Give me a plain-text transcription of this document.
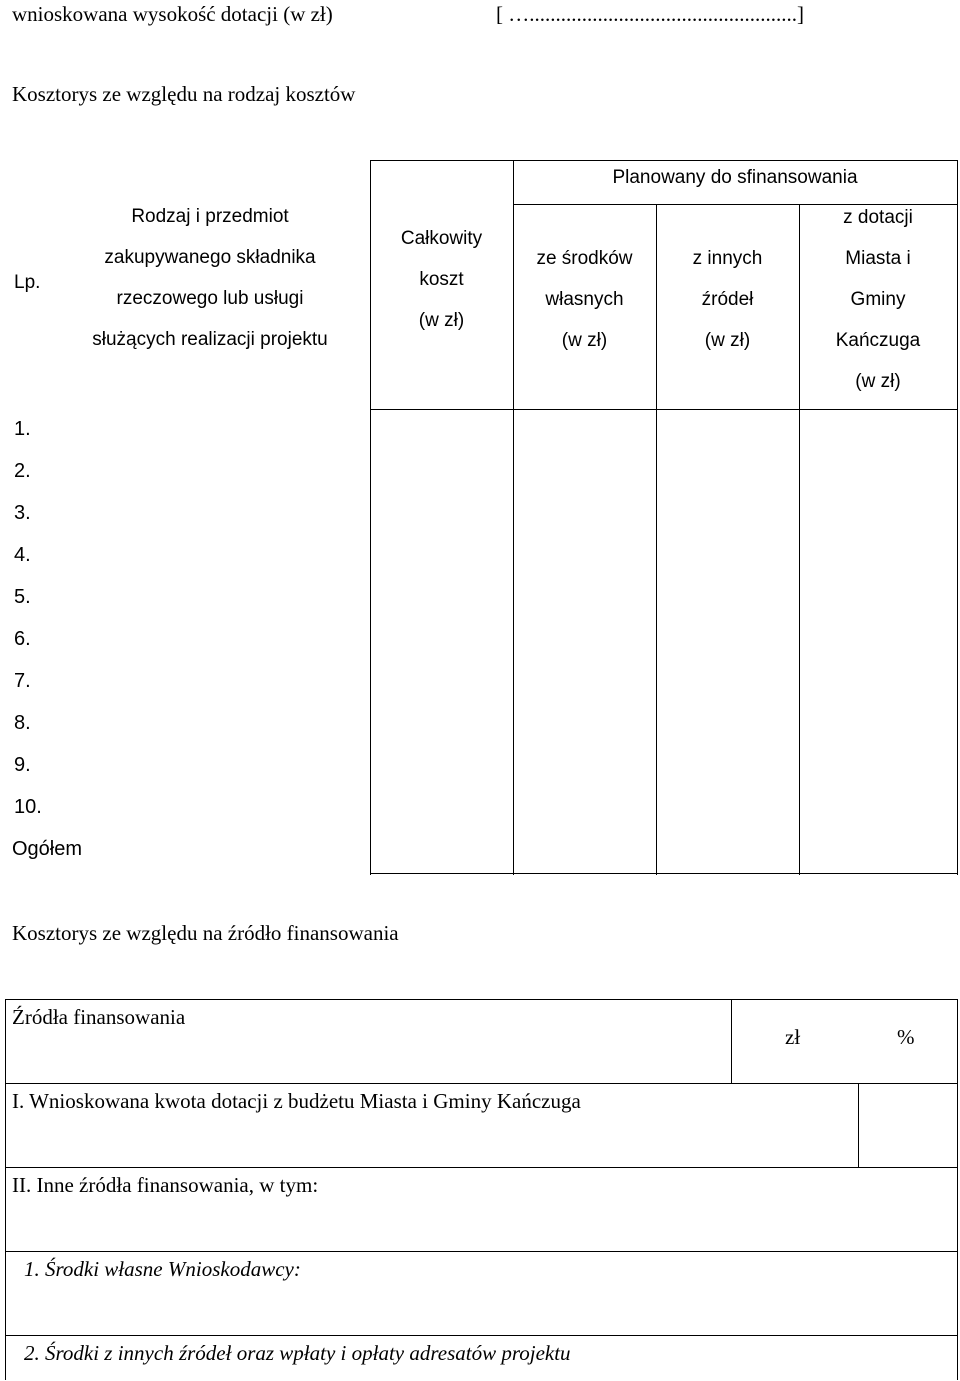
wnioskowana wysokość dotacji (w zł)	[ …...................................................]
Kosztorys ze względu na rodzaj kosztów
Lp.
Rodzaj i przedmiot
zakupywanego składnika
rzeczowego lub usługi
służących realizacji projektu
Całkowity
koszt
(w zł)
Planowany do sfinansowania
ze środków
własnych
(w zł)
z innych
źródeł
(w zł)
z dotacji
Miasta i
Gminy
Kańczuga
(w zł)
1.
2.
3.
4.
5.
6.
7.
8.
9.
10.
Ogółem
Kosztorys ze względu na źródło finansowania
Źródła finansowania
zł	%
I. Wnioskowana kwota dotacji z budżetu Miasta i Gminy Kańczuga
II. Inne źródła finansowania, w tym:
1. Środki własne Wnioskodawcy:
2. Środki z innych źródeł oraz wpłaty i opłaty adresatów projektu
